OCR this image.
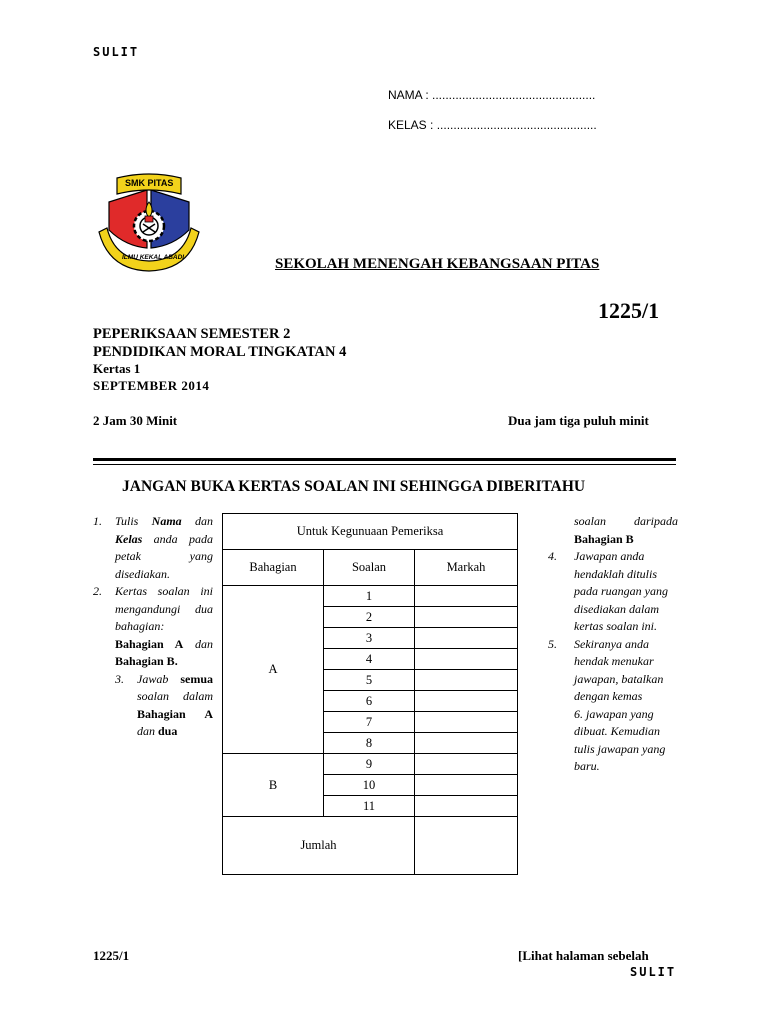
SULIT
NAMA : .................................................
KELAS : ................................................
SMK PITAS
ILMU KEKAL ABADI	SEKOLAH MENENGAH KEBANGSAAN PITAS
1225/1
PEPERIKSAAN SEMESTER 2
PENDIDIKAN MORAL TINGKATAN 4
Kertas 1
SEPTEMBER 2014
2 Jam 30 Minit	Dua jam tiga puluh minit
JANGAN BUKA KERTAS SOALAN INI SEHINGGA DIBERITAHU
1.	Tulis Nama dan Kelas anda pada petak yang disediakan.
2.	Kertas soalan ini mengandungi dua bahagian: Bahagian A dan Bahagian B.
3.	Jawab semua soalan dalam Bahagian A dan dua
Untuk Kegunuaan Pemeriksa		
Bahagian	Soalan	Markah
A	1	
	2	
	3	
	4	
	5	
	6	
	7	
	8	
B	9	
	10	
	11	
Jumlah		
soalan daripada Bahagian B
4.	Jawapan anda hendaklah ditulis pada ruangan yang disediakan dalam kertas soalan ini.
5.	Sekiranya anda hendak menukar jawapan, batalkan dengan kemas
6. jawapan yang dibuat. Kemudian tulis jawapan yang baru.
1225/1	[Lihat halaman sebelah
SULIT
